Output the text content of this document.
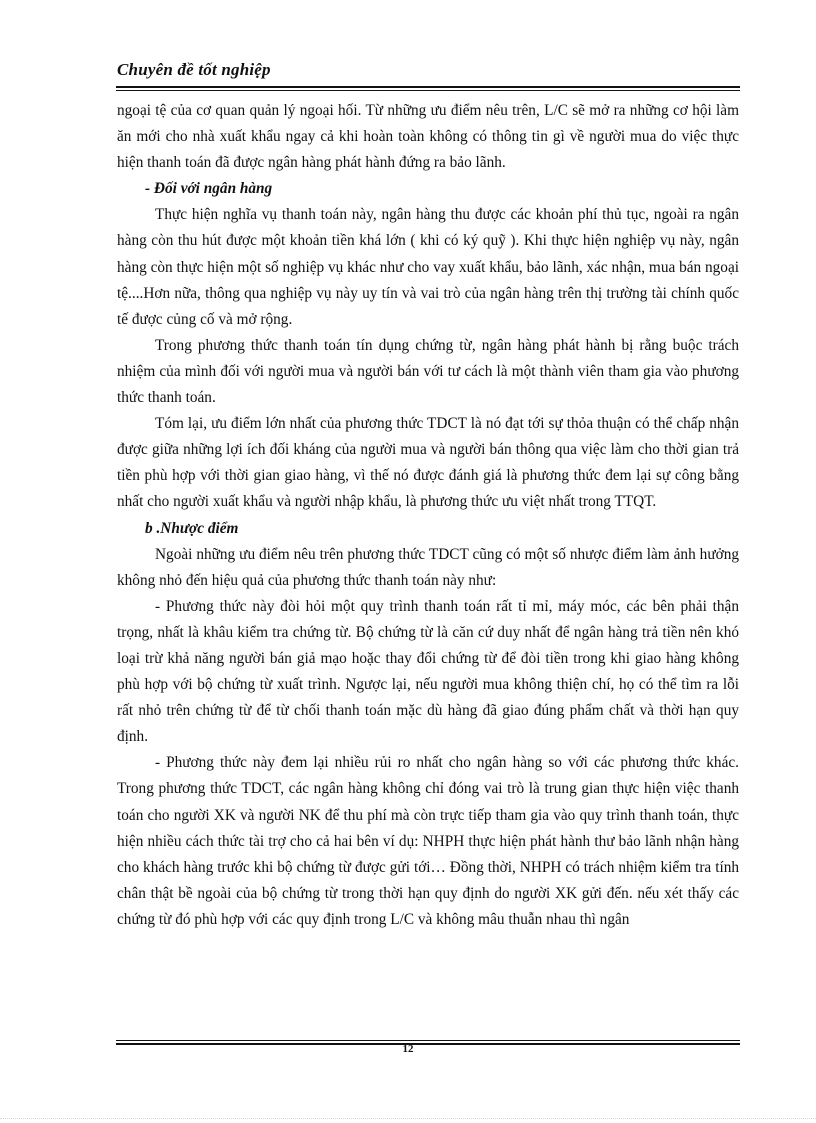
Chuyên đề tốt nghiệp

ngoại tệ của cơ quan quản lý ngoại hối. Từ những ưu điểm nêu trên, L/C sẽ mở ra những cơ hội làm ăn mới cho nhà xuất khẩu ngay cả khi hoàn toàn không có thông tin gì về người mua do việc thực hiện thanh toán đã được ngân hàng phát hành đứng ra bảo lãnh.

- Đối với ngân hàng

Thực hiện nghĩa vụ thanh toán này, ngân hàng thu được các khoản phí thủ tục, ngoài ra ngân hàng còn thu hút được một khoản tiền khá lớn ( khi có ký quỹ ). Khi thực hiện nghiệp vụ này, ngân hàng còn thực hiện một số nghiệp vụ khác như cho vay xuất khẩu, bảo lãnh, xác nhận, mua bán ngoại tệ....Hơn nữa, thông qua nghiệp vụ này uy tín và vai trò của ngân hàng trên thị trường tài chính quốc tế được củng cố và mở rộng.

Trong phương thức thanh toán tín dụng chứng từ, ngân hàng phát hành bị rằng buộc trách nhiệm của mình đối với người mua và người bán với tư cách là một thành viên tham gia vào phương thức thanh toán.

Tóm lại, ưu điểm lớn nhất của phương thức TDCT là nó đạt tới sự thỏa thuận có thể chấp nhận được giữa những lợi ích đối kháng của người mua và người bán thông qua việc làm cho thời gian trả tiền phù hợp với thời gian giao hàng, vì thế nó được đánh giá là phương thức đem lại sự công bằng nhất cho người xuất khẩu và người nhập khẩu, là phương thức ưu việt nhất trong TTQT.

b .Nhược điểm

Ngoài những ưu điểm nêu trên phương thức TDCT cũng có một số nhược điểm làm ảnh hưởng không nhỏ đến hiệu quả của phương thức thanh toán này như:

- Phương thức này đòi hỏi một quy trình thanh toán rất tỉ mỉ, máy móc, các bên phải thận trọng, nhất là khâu kiểm tra chứng từ. Bộ chứng từ là căn cứ duy nhất để ngân hàng trả tiền nên khó loại trừ khả năng người bán giả mạo hoặc thay đổi chứng từ để đòi tiền trong khi giao hàng không phù hợp với bộ chứng từ xuất trình. Ngược lại, nếu người mua không thiện chí, họ có thể tìm ra lỗi rất nhỏ trên chứng từ để từ chối thanh toán mặc dù hàng đã giao đúng phẩm chất và thời hạn quy định.

- Phương thức này đem lại nhiều rủi ro nhất cho ngân hàng so với các phương thức khác. Trong phương thức TDCT, các ngân hàng không chỉ đóng vai trò là trung gian thực hiện việc thanh toán cho người XK và người NK để thu phí mà còn trực tiếp tham gia vào quy trình thanh toán, thực hiện nhiều cách thức tài trợ cho cả hai bên ví dụ: NHPH thực hiện phát hành thư bảo lãnh nhận hàng cho khách hàng trước khi bộ chứng từ được gửi tới… Đồng thời, NHPH có trách nhiệm kiểm tra tính chân thật bề ngoài của bộ chứng từ trong thời hạn quy định do người XK gửi đến. nếu xét thấy các chứng từ đó phù hợp với các quy định trong L/C và không mâu thuẫn nhau thì ngân

12
